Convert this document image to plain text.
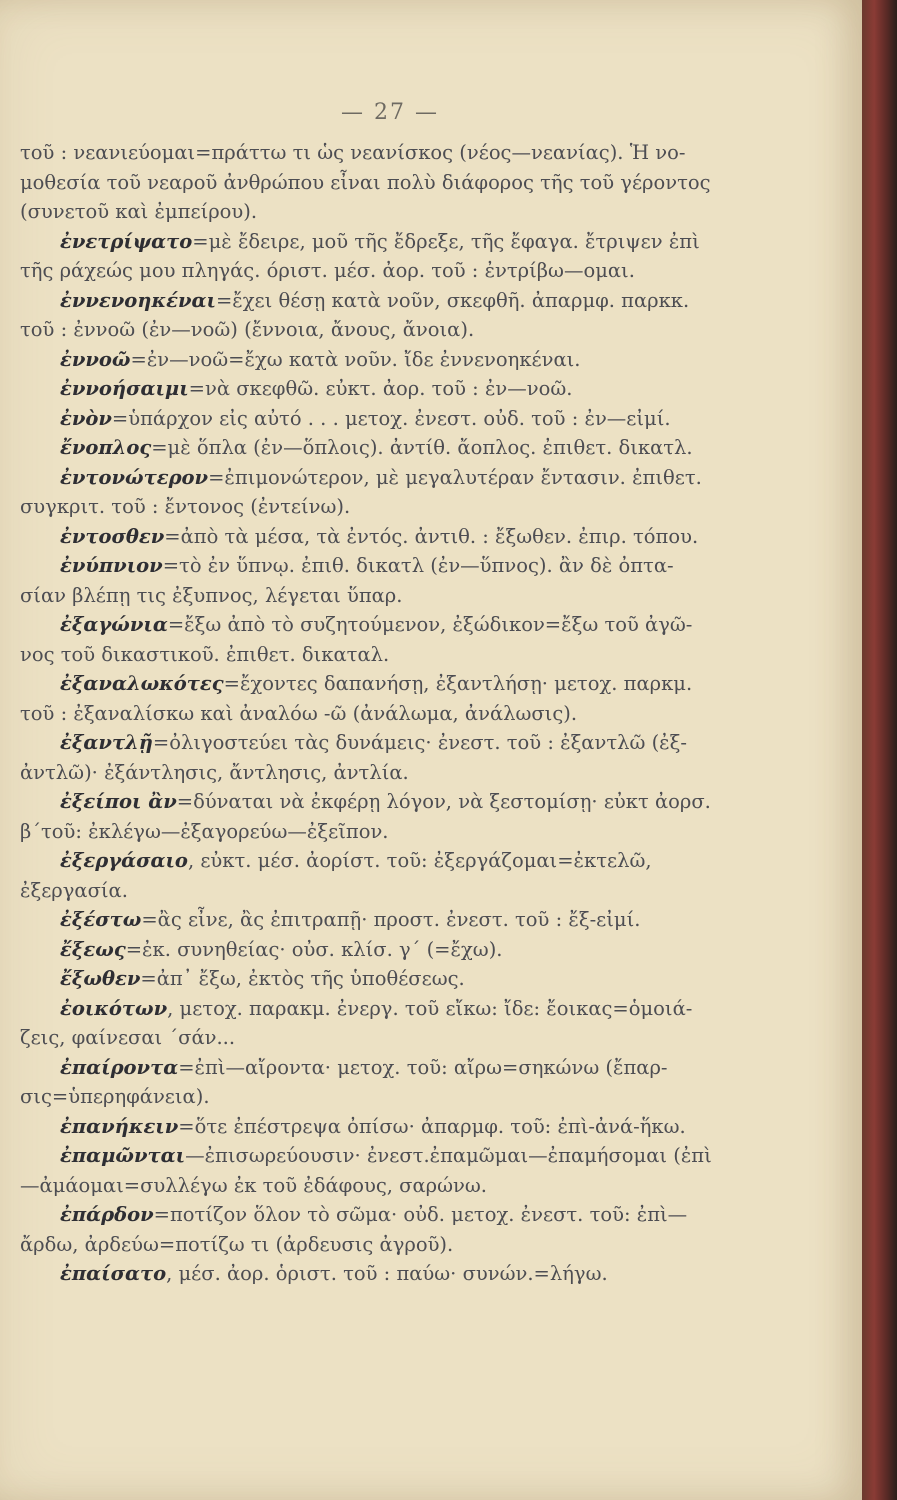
— 27 —
τοῦ : νεανιεύομαι=πράττω τι ὡς νεανίσκος (νέος—νεανίας). Ἡ νο-
μοθεσία τοῦ νεαροῦ ἀνθρώπου εἶναι πολὺ διάφορος τῆς τοῦ γέροντος
(συνετοῦ καὶ ἐμπείρου).
ἐνετρίψατο=μὲ ἔδειρε, μοῦ τῆς ἔδρεξε, τῆς ἔφαγα. ἔτριψεν ἐπὶ
τῆς ράχεώς μου πληγάς. όριστ. μέσ. ἀορ. τοῦ : ἐντρίβω—ομαι.
ἐννενοηκέναι=ἔχει θέσῃ κατὰ νοῦν, σκεφθῆ. ἀπαρμφ. παρκκ.
τοῦ : ἐννοῶ (ἐν—νοῶ) (ἔννοια, ἄνους, ἄνοια).
ἐννοῶ=ἐν—νοῶ=ἔχω κατὰ νοῦν. ἴδε ἐννενοηκέναι.
ἐννοήσαιμι=νὰ σκεφθῶ. εὐκτ. ἀορ. τοῦ : ἐν—νοῶ.
ἐνὸν=ὑπάρχον εἰς αὐτό . . . μετοχ. ἐνεστ. οὐδ. τοῦ : ἐν—εἰμί.
ἔνοπλος=μὲ ὅπλα (ἐν—ὅπλοις). ἀντίθ. ἄοπλος. ἐπιθετ. δικατλ.
ἐντονώτερον=ἐπιμονώτερον, μὲ μεγαλυτέραν ἔντασιν. ἐπιθετ.
συγκριτ. τοῦ : ἔντονος (ἐντείνω).
ἐντοσθεν=ἀπὸ τὰ μέσα, τὰ ἐντός. ἀντιθ. : ἔξωθεν. ἐπιρ. τόπου.
ἐνύπνιον=τὸ ἐν ὕπνῳ. ἐπιθ. δικατλ (ἐν—ὕπνος). ἂν δὲ ὀπτα-
σίαν βλέπῃ τις ἐξυπνος, λέγεται ὕπαρ.
ἐξαγώνια=ἔξω ἀπὸ τὸ συζητούμενον, ἐξώδικον=ἔξω τοῦ ἀγῶ-
νος τοῦ δικαστικοῦ. ἐπιθετ. δικαταλ.
ἐξαναλωκότες=ἔχοντες δαπανήσῃ, ἐξαντλήσῃ· μετοχ. παρκμ.
τοῦ : ἐξαναλίσκω καὶ ἀναλόω -ῶ (ἀνάλωμα, ἀνάλωσις).
ἐξαντλῇ=ὀλιγοστεύει τὰς δυνάμεις· ἐνεστ. τοῦ : ἐξαντλῶ (ἐξ-
ἀντλῶ)· ἐξάντλησις, ἄντλησις, ἀντλία.
ἐξείποι ἂν=δύναται νὰ ἐκφέρῃ λόγον, νὰ ξεστομίσῃ· εὐκτ ἀορσ.
β΄τοῦ: ἐκλέγω—ἐξαγορεύω—ἐξεῖπον.
ἐξεργάσαιο, εὐκτ. μέσ. ἀορίστ. τοῦ: ἐξεργάζομαι=ἐκτελῶ,
ἐξεργασία.
ἐξέστω=ἂς εἶνε, ἂς ἐπιτραπῇ· προστ. ἐνεστ. τοῦ : ἔξ-εἰμί.
ἔξεως=ἐκ. συνηθείας· οὐσ. κλίσ. γ΄ (=ἔχω).
ἔξωθεν=ἀπ᾽ ἔξω, ἐκτὸς τῆς ὑποθέσεως.
ἐοικότων, μετοχ. παρακμ. ἐνεργ. τοῦ εἴκω: ἴδε: ἔοικας=ὁμοιά-
ζεις, φαίνεσαι ΄σάν...
ἐπαίροντα=ἐπὶ—αἴροντα· μετοχ. τοῦ: αἴρω=σηκώνω (ἔπαρ-
σις=ὑπερηφάνεια).
ἐπανήκειν=ὅτε ἐπέστρεψα ὀπίσω· ἀπαρμφ. τοῦ: ἐπὶ-ἀνά-ἥκω.
ἐπαμῶνται—ἐπισωρεύουσιν· ἐνεστ.ἐπαμῶμαι—ἐπαμήσομαι (ἐπὶ
—ἀμάομαι=συλλέγω ἐκ τοῦ ἐδάφους, σαρώνω.
ἐπάρδον=ποτίζον ὅλον τὸ σῶμα· οὐδ. μετοχ. ἐνεστ. τοῦ: ἐπὶ—
ἄρδω, ἀρδεύω=ποτίζω τι (ἀρδευσις ἀγροῦ).
ἐπαίσατο, μέσ. ἀορ. ὁριστ. τοῦ : παύω· συνών.=λήγω.
